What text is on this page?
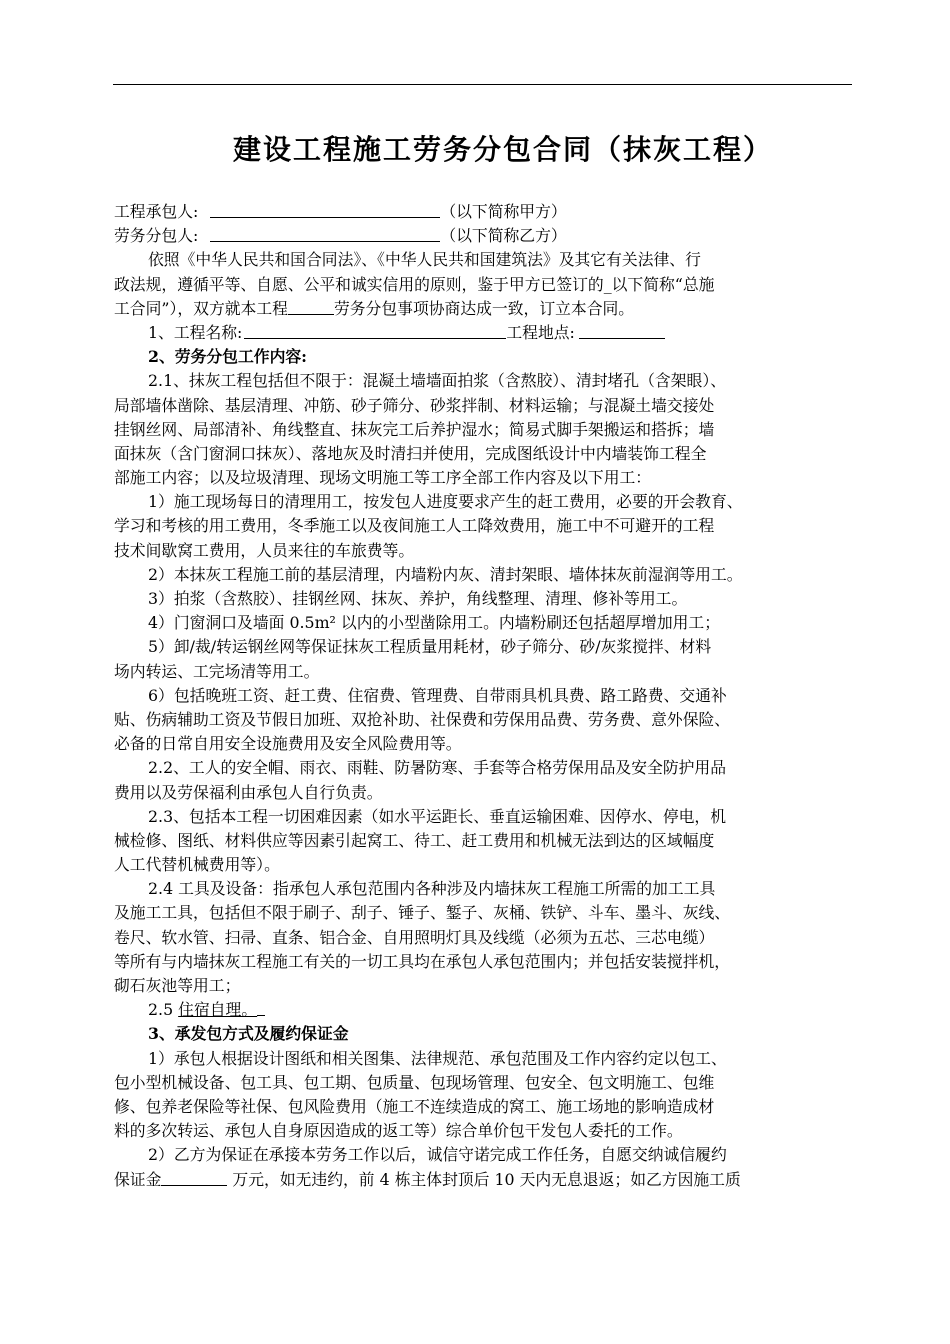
建设工程施工劳务分包合同（抹灰工程）
工程承包人:	（以下简称甲方）
劳务分包人:	（以下简称乙方）
依照《中华人民共和国合同法》、《中华人民共和国建筑法》及其它有关法律、行
政法规，遵循平等、自愿、公平和诚实信用的原则，鉴于甲方已签订的_以下简称“总施
工合同”），双方就本工程	劳务分包事项协商达成一致，订立本合同。
1、工程名称:	工程地点:
2、劳务分包工作内容:
2.1、抹灰工程包括但不限于：混凝土墙墙面拍浆（含熬胶）、清封堵孔（含架眼）、
局部墙体凿除、基层清理、冲筋、砂子筛分、砂浆拌制、材料运输；与混凝土墙交接处
挂钢丝网、局部清补、角线整直、抹灰完工后养护湿水；简易式脚手架搬运和搭拆；墙
面抹灰（含门窗洞口抹灰）、落地灰及时清扫并使用，完成图纸设计中内墙装饰工程全
部施工内容；以及垃圾清理、现场文明施工等工序全部工作内容及以下用工：
1）施工现场每日的清理用工，按发包人进度要求产生的赶工费用，必要的开会教育、
学习和考核的用工费用，冬季施工以及夜间施工人工降效费用，施工中不可避开的工程
技术间歇窝工费用，人员来往的车旅费等。
2）本抹灰工程施工前的基层清理，内墙粉内灰、清封架眼、墙体抹灰前湿润等用工。
3）拍浆（含熬胶）、挂钢丝网、抹灰、养护，角线整理、清理、修补等用工。
4）门窗洞口及墙面 0.5m² 以内的小型凿除用工。内墙粉刷还包括超厚增加用工；
5）卸/裁/转运钢丝网等保证抹灰工程质量用耗材，砂子筛分、砂/灰浆搅拌、材料
场内转运、工完场清等用工。
6）包括晚班工资、赶工费、住宿费、管理费、自带雨具机具费、路工路费、交通补
贴、伤病辅助工资及节假日加班、双抢补助、社保费和劳保用品费、劳务费、意外保险、
必备的日常自用安全设施费用及安全风险费用等。
2.2、工人的安全帽、雨衣、雨鞋、防暑防寒、手套等合格劳保用品及安全防护用品
费用以及劳保福利由承包人自行负责。
2.3、包括本工程一切困难因素（如水平运距长、垂直运输困难、因停水、停电，机
械检修、图纸、材料供应等因素引起窝工、待工、赶工费用和机械无法到达的区域幅度
人工代替机械费用等）。
2.4 工具及设备：指承包人承包范围内各种涉及内墙抹灰工程施工所需的加工工具
及施工工具，包括但不限于刷子、刮子、锤子、錾子、灰桶、铁铲、斗车、墨斗、灰线、
卷尺、软水管、扫帚、直条、铝合金、自用照明灯具及线缆（必须为五芯、三芯电缆）
等所有与内墙抹灰工程施工有关的一切工具均在承包人承包范围内；并包括安装搅拌机，
砌石灰池等用工；
2.5 住宿自理。
3、承发包方式及履约保证金
1）承包人根据设计图纸和相关图集、法律规范、承包范围及工作内容约定以包工、
包小型机械设备、包工具、包工期、包质量、包现场管理、包安全、包文明施工、包维
修、包养老保险等社保、包风险费用（施工不连续造成的窝工、施工场地的影响造成材
料的多次转运、承包人自身原因造成的返工等）综合单价包干发包人委托的工作。
2）乙方为保证在承接本劳务工作以后，诚信守诺完成工作任务，自愿交纳诚信履约
保证金	万元，如无违约，前 4 栋主体封顶后 10 天内无息退返；如乙方因施工质
